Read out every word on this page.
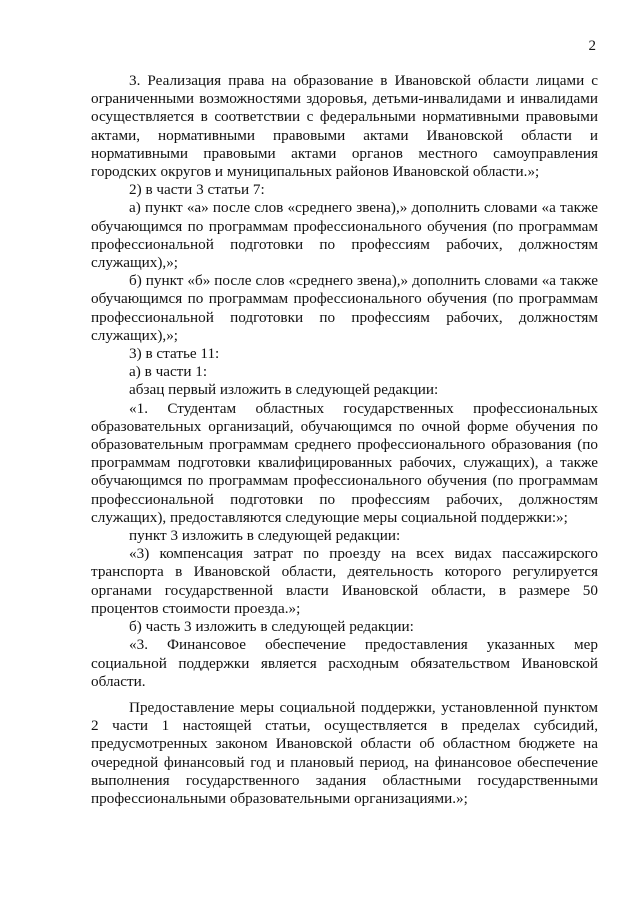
2

3. Реализация права на образование в Ивановской области лицами с ограниченными возможностями здоровья, детьми-инвалидами и инвалидами осуществляется в соответствии с федеральными нормативными правовыми актами, нормативными правовыми актами Ивановской области и нормативными правовыми актами органов местного самоуправления городских округов и муниципальных районов Ивановской области.»;

2) в части 3 статьи 7:

а) пункт «а» после слов «среднего звена),» дополнить словами «а также обучающимся по программам профессионального обучения (по программам профессиональной подготовки по профессиям рабочих, должностям служащих),»;

б) пункт «б» после слов «среднего звена),» дополнить словами «а также обучающимся по программам профессионального обучения (по программам профессиональной подготовки по профессиям рабочих, должностям служащих),»;

3) в статье 11:

а) в части 1:

абзац первый изложить в следующей редакции:

«1. Студентам областных государственных профессиональных образовательных организаций, обучающимся по очной форме обучения по образовательным программам среднего профессионального образования (по программам подготовки квалифицированных рабочих, служащих), а также обучающимся по программам профессионального обучения (по программам профессиональной подготовки по профессиям рабочих, должностям служащих), предоставляются следующие меры социальной поддержки:»;

пункт 3 изложить в следующей редакции:

«3) компенсация затрат по проезду на всех видах пассажирского транспорта в Ивановской области, деятельность которого регулируется органами государственной власти Ивановской области, в размере 50 процентов стоимости проезда.»;

б) часть 3 изложить в следующей редакции:

«3. Финансовое обеспечение предоставления указанных мер социальной поддержки является расходным обязательством Ивановской области.

Предоставление меры социальной поддержки, установленной пунктом 2 части 1 настоящей статьи, осуществляется в пределах субсидий, предусмотренных законом Ивановской области об областном бюджете на очередной финансовый год и плановый период, на финансовое обеспечение выполнения государственного задания областными государственными профессиональными образовательными организациями.»;
